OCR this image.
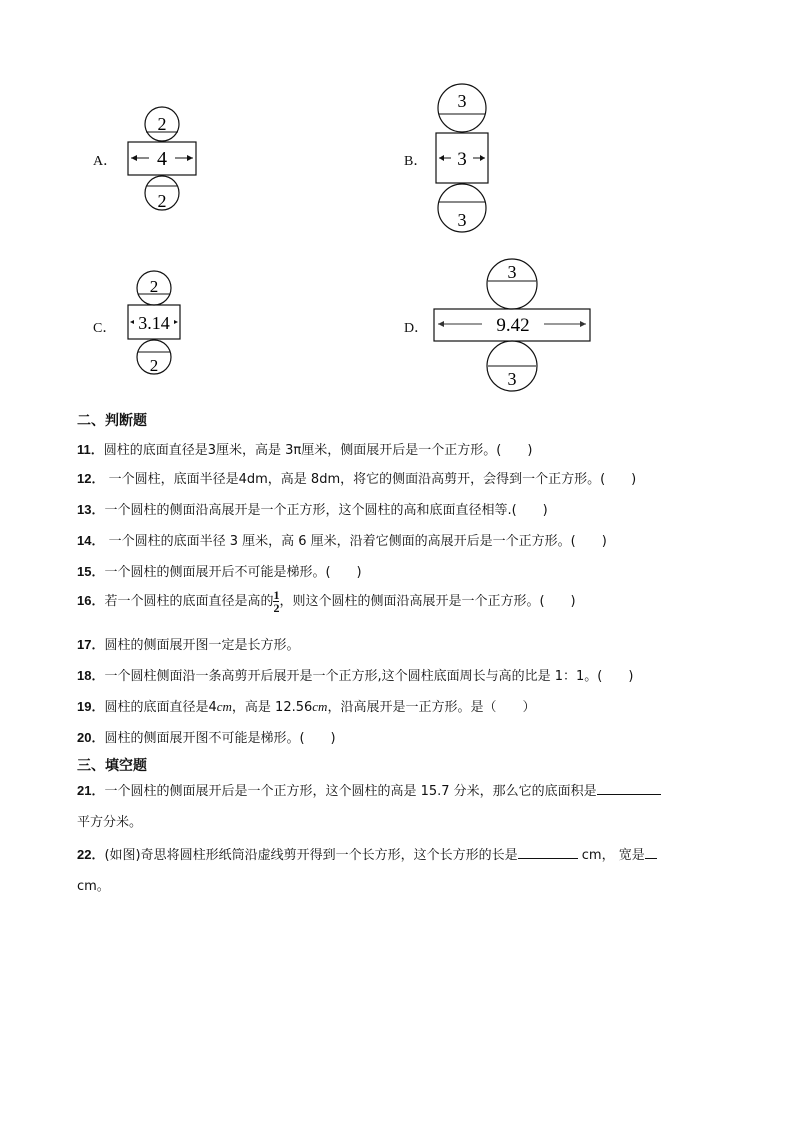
A．
2
4
2
B．
3
3
3
C．
2
3.14
2
D．
3
9.42
3
二、判断题
11．圆柱的底面直径是3厘米，高是 3π厘米，侧面展开后是一个正方形。(　　)
12． 一个圆柱，底面半径是4dm，高是 8dm，将它的侧面沿高剪开，会得到一个正方形。(　　)
13．一个圆柱的侧面沿高展开是一个正方形，这个圆柱的高和底面直径相等.(　　)
14． 一个圆柱的底面半径 3 厘米，高 6 厘米，沿着它侧面的高展开后是一个正方形。(　　)
15．一个圆柱的侧面展开后不可能是梯形。(　　)
16．若一个圆柱的底面直径是高的 $\frac{1}{2}$ ，则这个圆柱的侧面沿高展开是一个正方形。(　　)
17．圆柱的侧面展开图一定是长方形。
18．一个圆柱侧面沿一条高剪开后展开是一个正方形,这个圆柱底面周长与高的比是 1：1。(　　)
19．圆柱的底面直径是4cm，高是 12.56cm，沿高展开是一正方形。是（　　）
20．圆柱的侧面展开图不可能是梯形。(　　)
三、填空题
21．一个圆柱的侧面展开后是一个正方形，这个圆柱的高是 15.7 分米，那么它的底面积是
平方分米。
22．(如图)奇思将圆柱形纸筒沿虚线剪开得到一个长方形，这个长方形的长是	cm， 宽是
cm。
